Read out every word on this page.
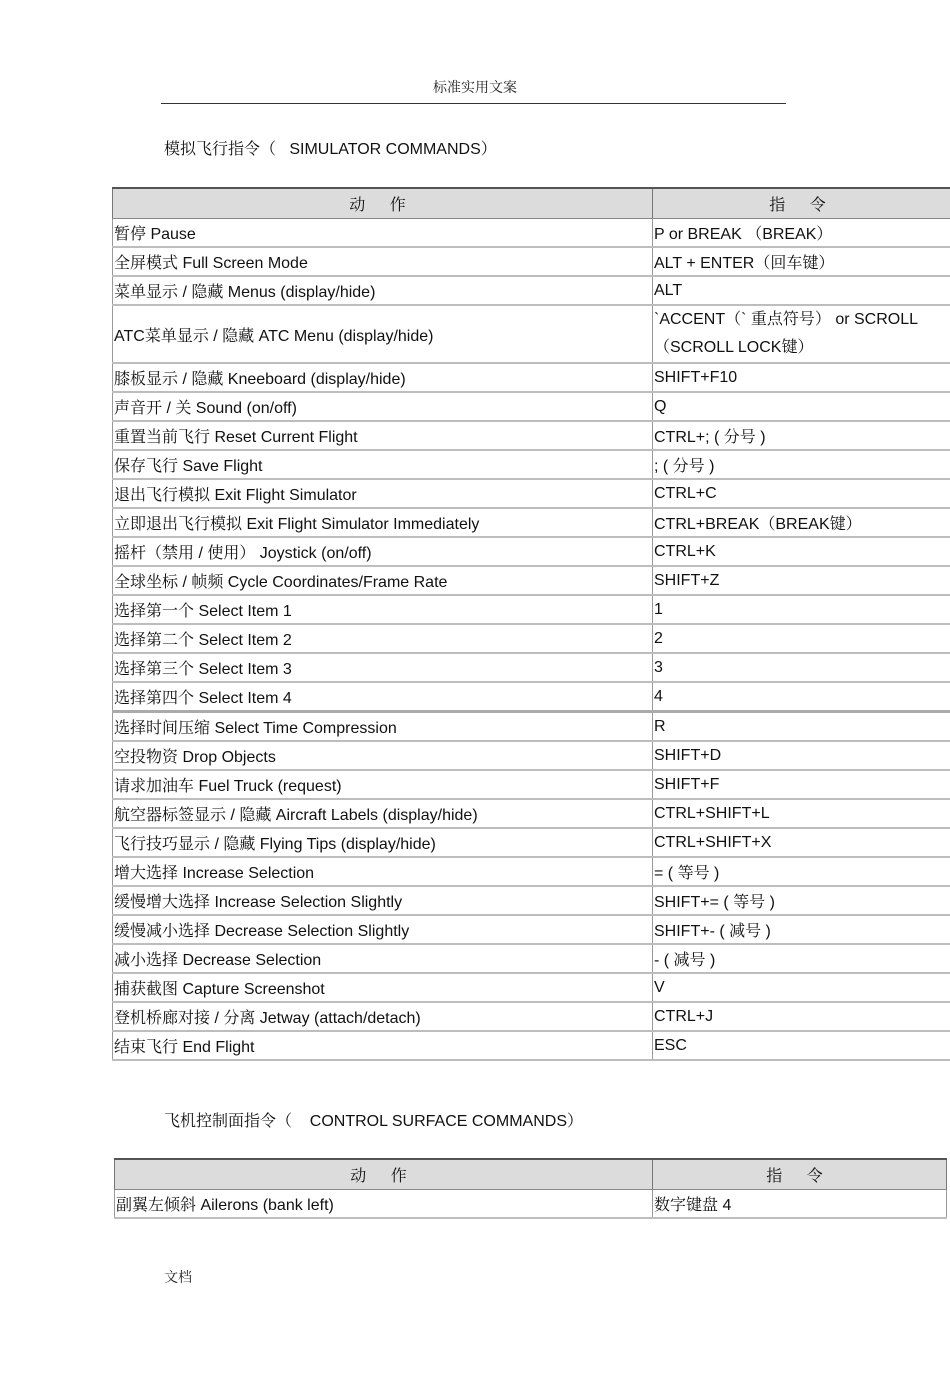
标准实用文案
模拟飞行指令（   SIMULATOR COMMANDS）
动 作	指 令
暂停 Pause	P or BREAK （BREAK）
全屏模式 Full Screen Mode	ALT + ENTER（回车键）
菜单显示 / 隐藏 Menus (display/hide)	ALT
ATC菜单显示 / 隐藏 ATC Menu (display/hide)	`ACCENT（` 重点符号） or SCROLL （SCROLL LOCK键）
膝板显示 / 隐藏 Kneeboard (display/hide)	SHIFT+F10
声音开 / 关 Sound (on/off)	Q
重置当前飞行 Reset Current Flight	CTRL+; ( 分号 )
保存飞行 Save Flight	; ( 分号 )
退出飞行模拟 Exit Flight Simulator	CTRL+C
立即退出飞行模拟 Exit Flight Simulator Immediately	CTRL+BREAK（BREAK键）
摇杆（禁用 / 使用） Joystick (on/off)	CTRL+K
全球坐标 / 帧频 Cycle Coordinates/Frame Rate	SHIFT+Z
选择第一个 Select Item 1	1
选择第二个 Select Item 2	2
选择第三个 Select Item 3	3
选择第四个 Select Item 4	4
选择时间压缩 Select Time Compression	R
空投物资 Drop Objects	SHIFT+D
请求加油车 Fuel Truck (request)	SHIFT+F
航空器标签显示 / 隐藏 Aircraft Labels (display/hide)	CTRL+SHIFT+L
飞行技巧显示 / 隐藏 Flying Tips (display/hide)	CTRL+SHIFT+X
增大选择 Increase Selection	= ( 等号 )
缓慢增大选择 Increase Selection Slightly	SHIFT+= ( 等号 )
缓慢减小选择 Decrease Selection Slightly	SHIFT+- ( 减号 )
减小选择 Decrease Selection	- ( 减号 )
捕获截图 Capture Screenshot	V
登机桥廊对接 / 分离 Jetway (attach/detach)	CTRL+J
结束飞行 End Flight	ESC
飞机控制面指令（    CONTROL SURFACE COMMANDS）
动 作	指 令
副翼左倾斜 Ailerons (bank left)	数字键盘 4
文档
